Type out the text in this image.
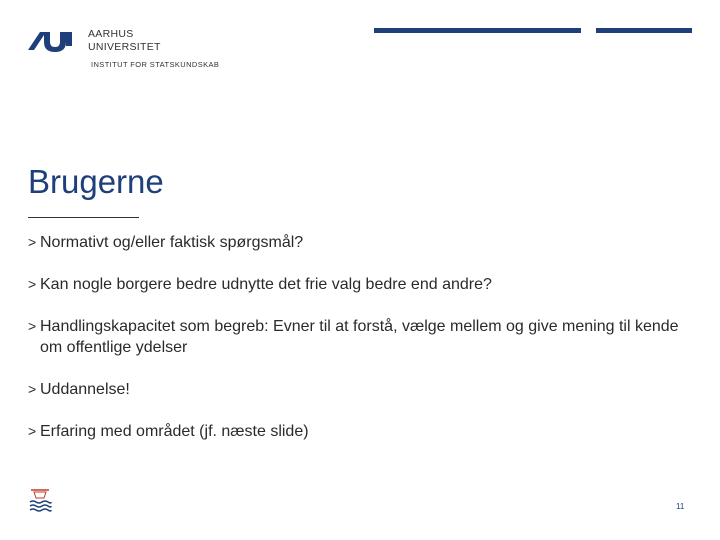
AARHUS
UNIVERSITET
INSTITUT FOR STATSKUNDSKAB
Brugerne
> Normativt og/eller faktisk spørgsmål?
> Kan nogle borgere bedre udnytte det frie valg bedre end andre?
> Handlingskapacitet som begreb: Evner til at forstå, vælge mellem og give mening til kende om offentlige ydelser
> Uddannelse!
> Erfaring med området (jf. næste slide)
11
